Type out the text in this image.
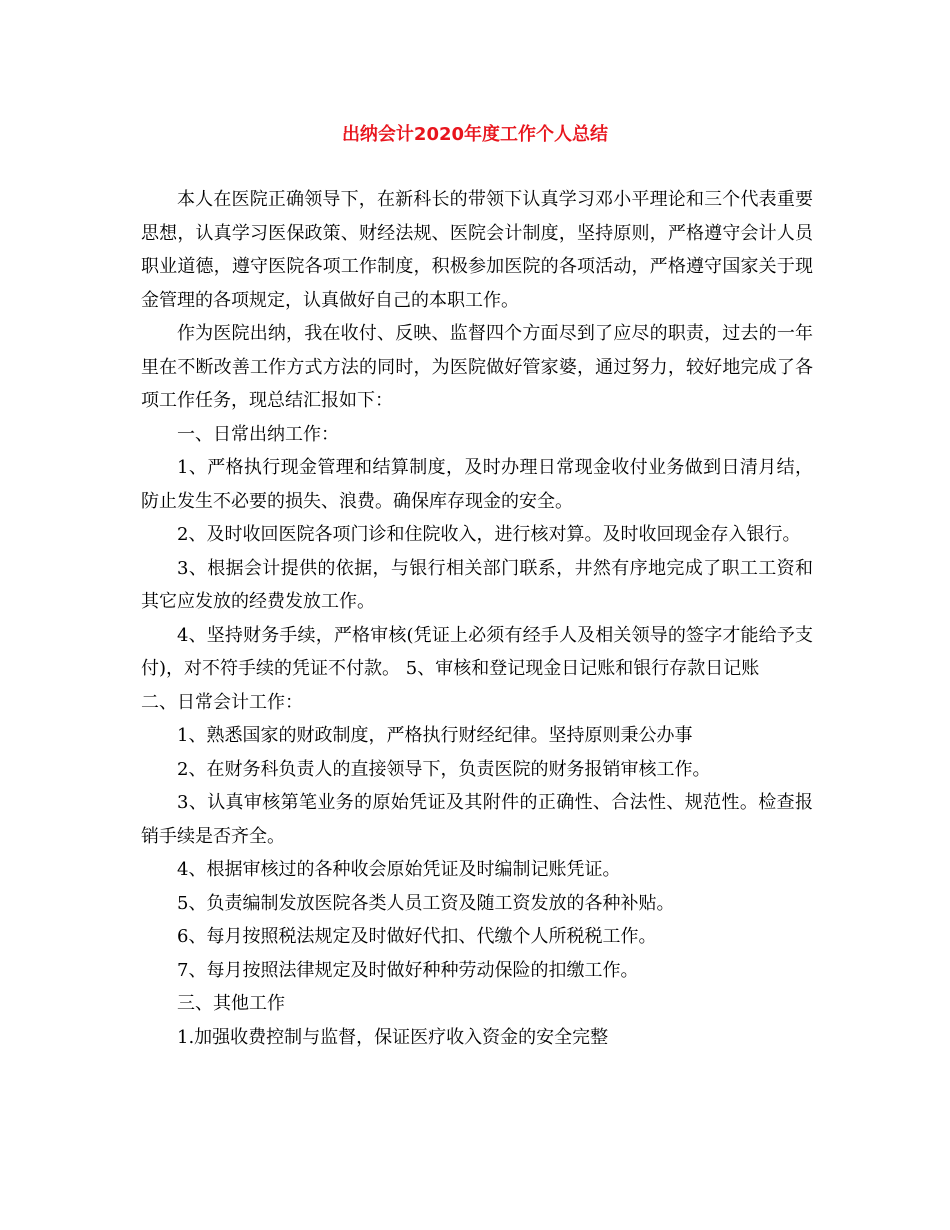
出纳会计2020年度工作个人总结

本人在医院正确领导下，在新科长的带领下认真学习邓小平理论和三个代表重要思想，认真学习医保政策、财经法规、医院会计制度，坚持原则，严格遵守会计人员职业道德，遵守医院各项工作制度，积极参加医院的各项活动，严格遵守国家关于现金管理的各项规定，认真做好自己的本职工作。

作为医院出纳，我在收付、反映、监督四个方面尽到了应尽的职责，过去的一年里在不断改善工作方式方法的同时，为医院做好管家婆，通过努力，较好地完成了各项工作任务，现总结汇报如下：

一、日常出纳工作：

1、严格执行现金管理和结算制度，及时办理日常现金收付业务做到日清月结，防止发生不必要的损失、浪费。确保库存现金的安全。

2、及时收回医院各项门诊和住院收入，进行核对算。及时收回现金存入银行。

3、根据会计提供的依据，与银行相关部门联系，井然有序地完成了职工工资和其它应发放的经费发放工作。

4、坚持财务手续，严格审核(凭证上必须有经手人及相关领导的签字才能给予支付)，对不符手续的凭证不付款。 5、审核和登记现金日记账和银行存款日记账

二、日常会计工作：

1、熟悉国家的财政制度，严格执行财经纪律。坚持原则秉公办事

2、在财务科负责人的直接领导下，负责医院的财务报销审核工作。

3、认真审核第笔业务的原始凭证及其附件的正确性、合法性、规范性。检查报销手续是否齐全。

4、根据审核过的各种收会原始凭证及时编制记账凭证。

5、负责编制发放医院各类人员工资及随工资发放的各种补贴。

6、每月按照税法规定及时做好代扣、代缴个人所税税工作。

7、每月按照法律规定及时做好种种劳动保险的扣缴工作。

三、其他工作

1.加强收费控制与监督，保证医疗收入资金的安全完整
